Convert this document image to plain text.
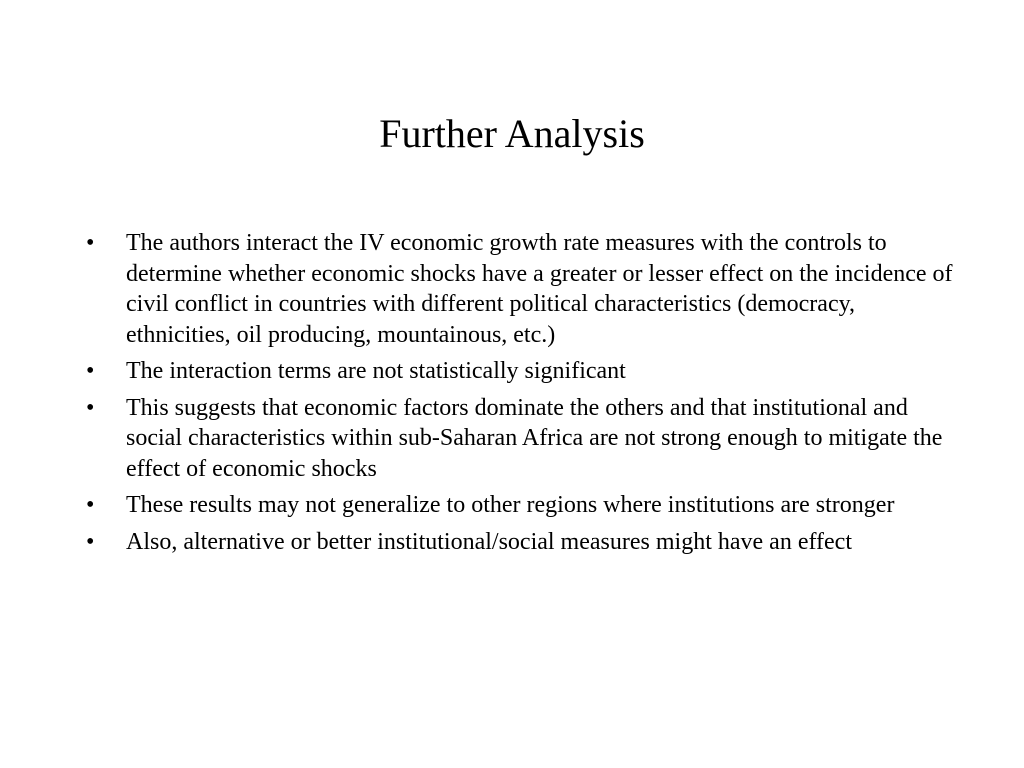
Further Analysis
•	The authors interact the IV economic growth rate measures with the controls to determine whether economic shocks have a greater or lesser effect on the incidence of civil conflict in countries with different political characteristics (democracy, ethnicities, oil producing, mountainous, etc.)
•	The interaction terms are not statistically significant
•	This suggests that economic factors dominate the others and that institutional and social characteristics within sub-Saharan Africa are not strong enough to mitigate the effect of economic shocks
•	These results may not generalize to other regions where institutions are stronger
•	Also, alternative or better institutional/social measures might have an effect
